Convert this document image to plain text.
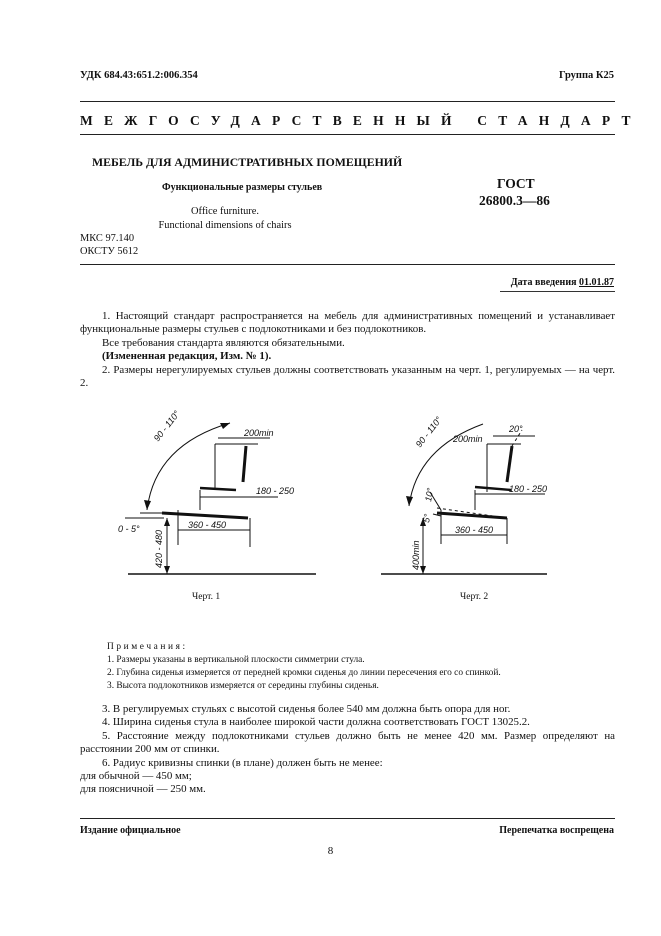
УДК 684.43:651.2:006.354	Группа К25
МЕЖГОСУДАРСТВЕННЫЙ СТАНДАРТ
МЕБЕЛЬ ДЛЯ АДМИНИСТРАТИВНЫХ ПОМЕЩЕНИЙ
Функциональные размеры стульев
Office furniture.
Functional dimensions of chairs
ГОСТ
26800.3—86
МКС 97.140
ОКСТУ 5612
Дата введения 01.01.87

1. Настоящий стандарт распространяется на мебель для административных помещений и устанавливает функциональные размеры стульев с подлокотниками и без подлокотников.

Все требования стандарта являются обязательными.

(Измененная редакция, Изм. № 1).

2. Размеры нерегулируемых стульев должны соответствовать указанным на черт. 1, регулируемых — на черт. 2.

90 - 110°	200min
180 - 250
0 - 5°	360 - 450
420 - 480
90 - 110° 200min
20°
180 - 250
10°
5°
360 - 450
400min
Черт. 1	Черт. 2

Примечания:

1. Размеры указаны в вертикальной плоскости симметрии стула.

2. Глубина сиденья измеряется от передней кромки сиденья до линии пересечения его со спинкой.

3. Высота подлокотников измеряется от середины глубины сиденья.

3. В регулируемых стульях с высотой сиденья более 540 мм должна быть опора для ног.

4. Ширина сиденья стула в наиболее широкой части должна соответствовать ГОСТ 13025.2.

5. Расстояние между подлокотниками стульев должно быть не менее 420 мм. Размер определяют на расстоянии 200 мм от спинки.

6. Радиус кривизны спинки (в плане) должен быть не менее:

для обычной — 450 мм;

для поясничной — 250 мм.

Издание официальное	Перепечатка воспрещена
8
